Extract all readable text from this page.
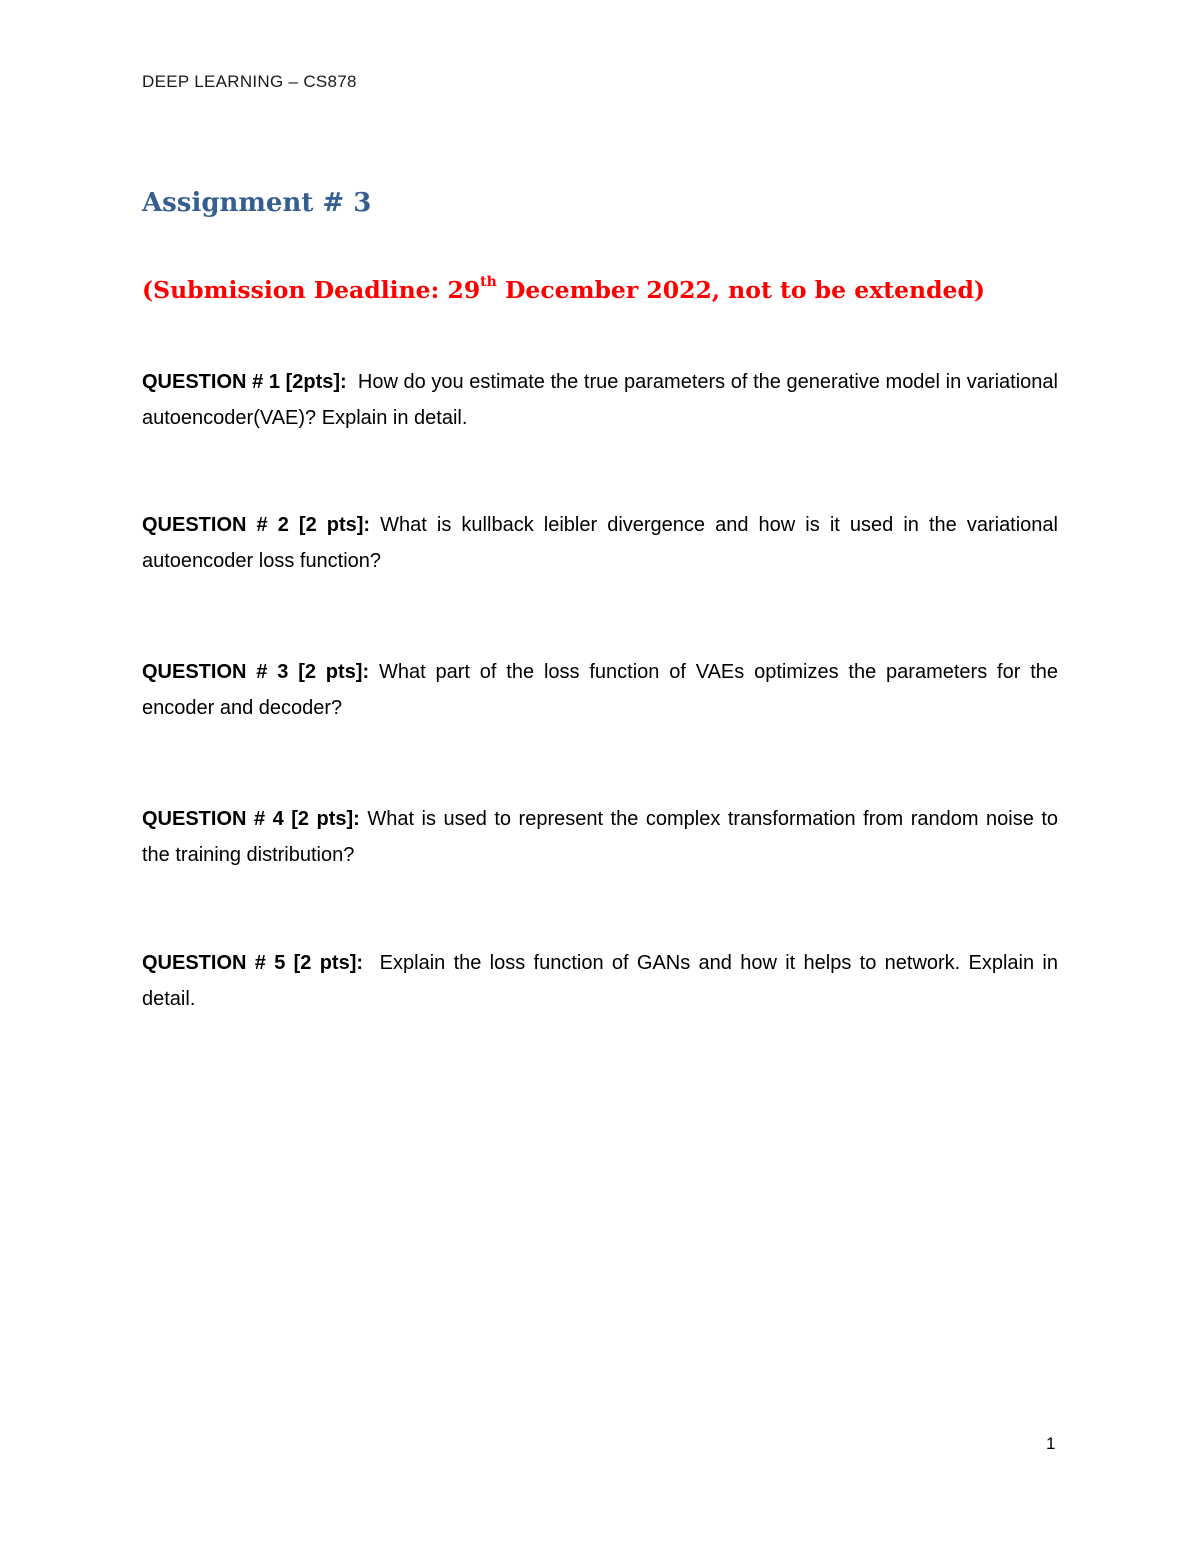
DEEP LEARNING – CS878
Assignment # 3
(Submission Deadline: 29th December 2022, not to be extended)
QUESTION # 1 [2pts]: How do you estimate the true parameters of the generative model in variational autoencoder(VAE)? Explain in detail.
QUESTION # 2 [2 pts]: What is kullback leibler divergence and how is it used in the variational autoencoder loss function?
QUESTION # 3 [2 pts]: What part of the loss function of VAEs optimizes the parameters for the encoder and decoder?
QUESTION # 4 [2 pts]: What is used to represent the complex transformation from random noise to the training distribution?
QUESTION # 5 [2 pts]: Explain the loss function of GANs and how it helps to network. Explain in detail.
1
